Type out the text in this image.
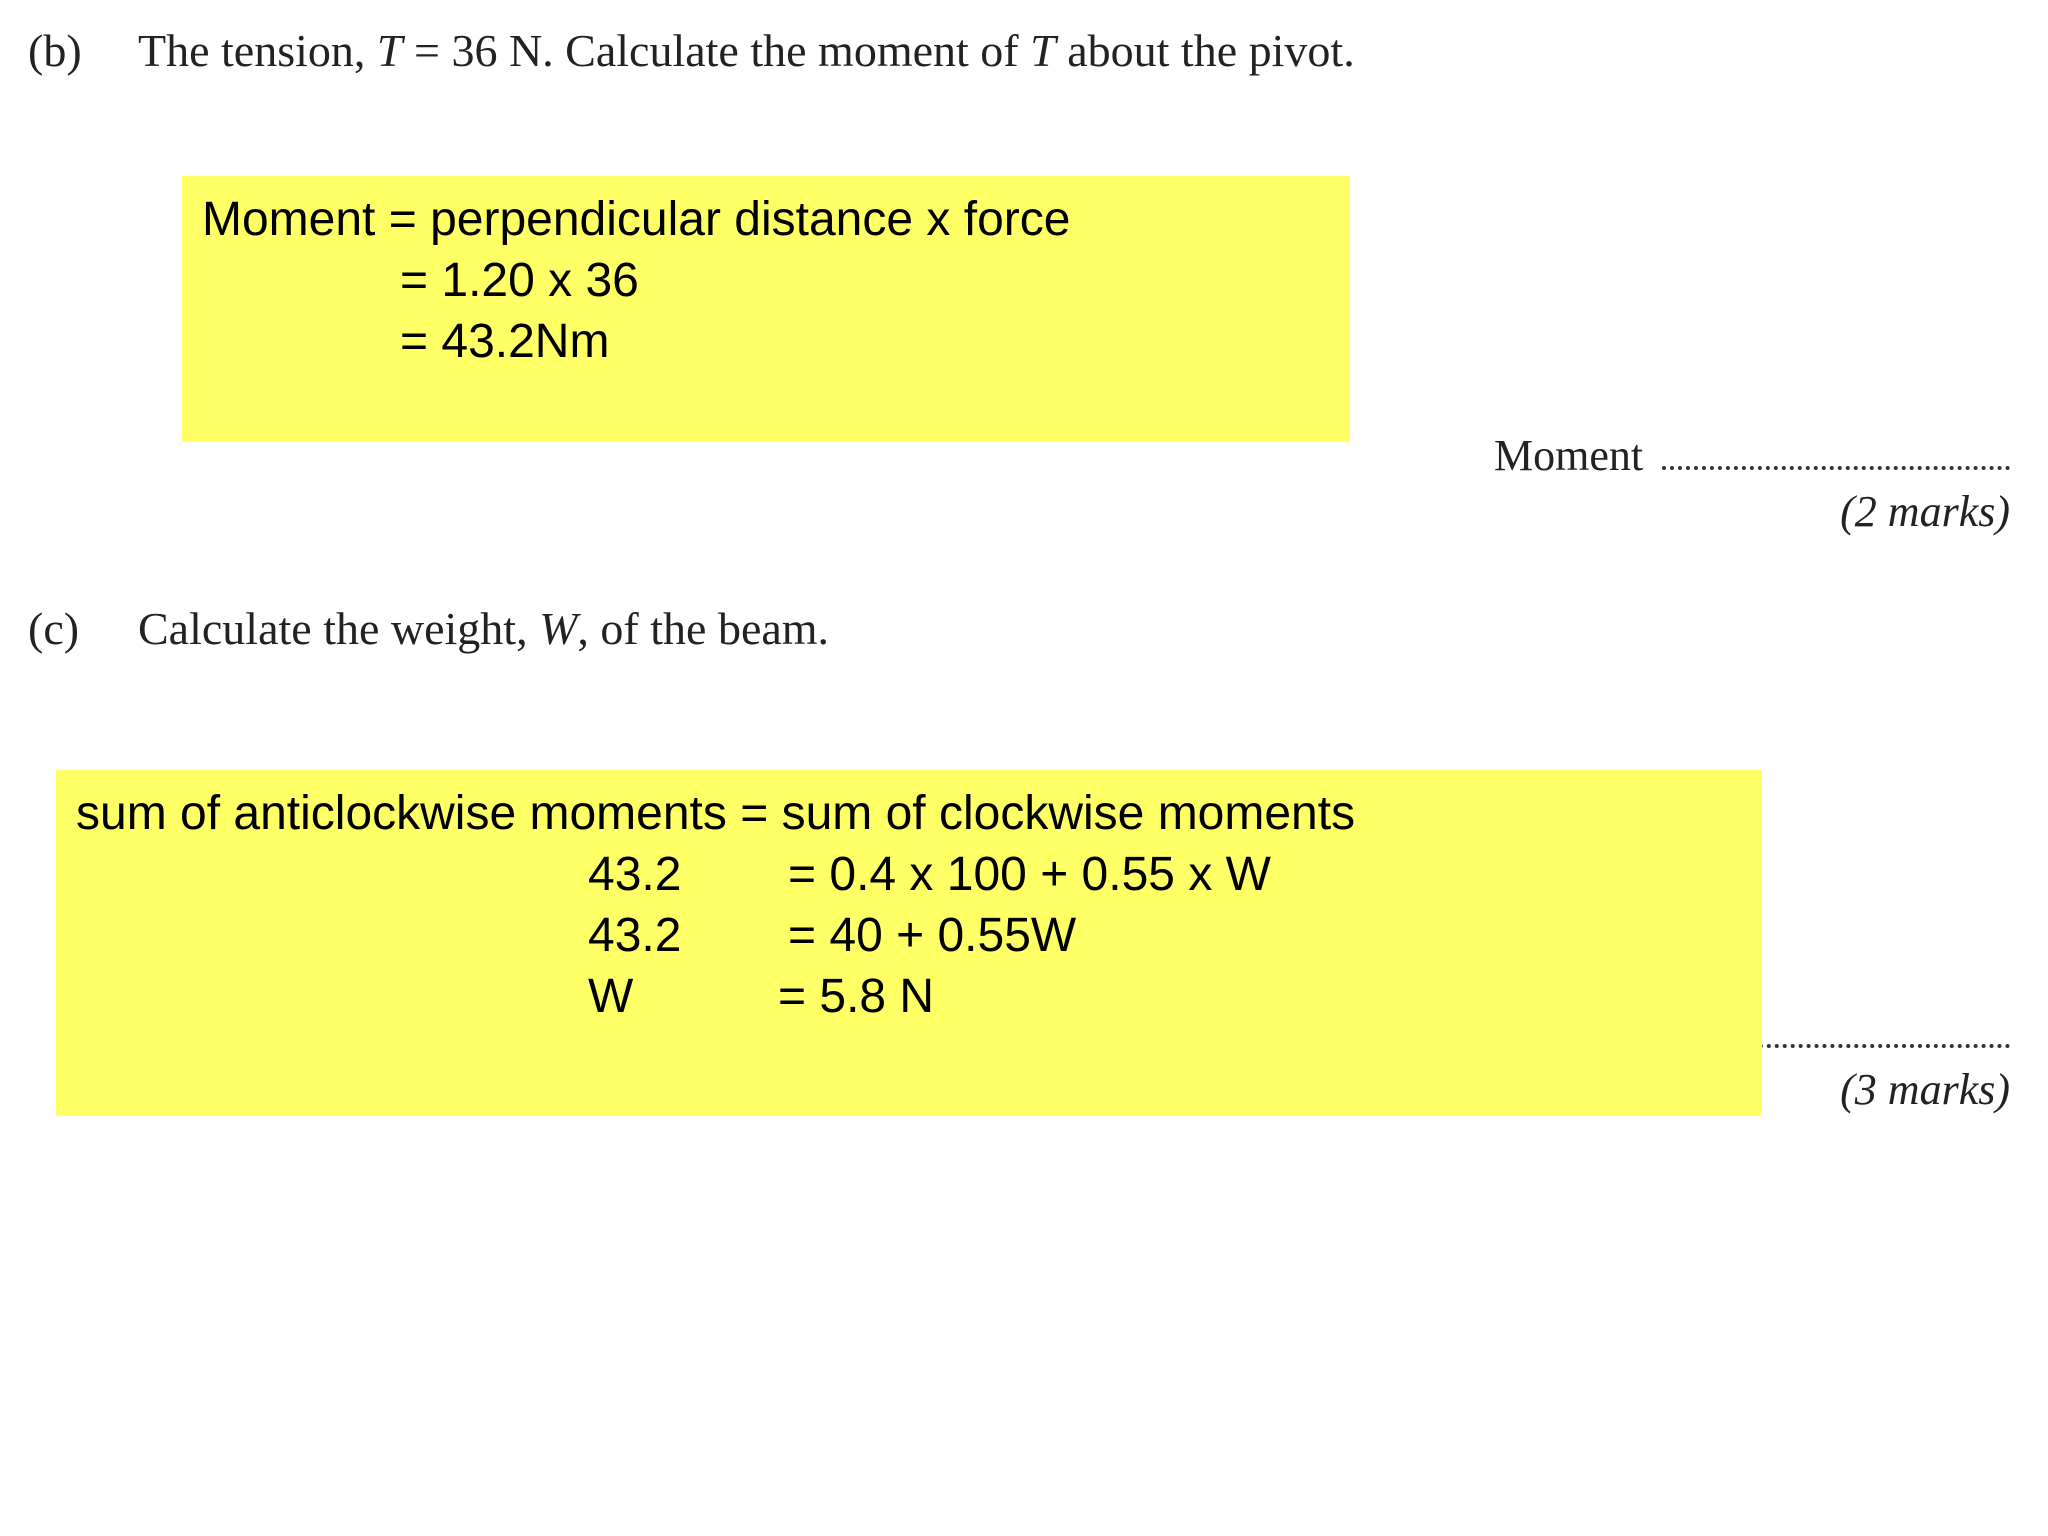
(b) The tension, T = 36 N. Calculate the moment of T about the pivot.
Moment = perpendicular distance x force
= 1.20 x 36
= 43.2Nm
Moment
(2 marks)
(c) Calculate the weight, W, of the beam.
sum of anticlockwise moments = sum of clockwise moments
43.2 = 0.4 x 100 + 0.55 x W
43.2 = 40 + 0.55W
W	= 5.8 N
(3 marks)
